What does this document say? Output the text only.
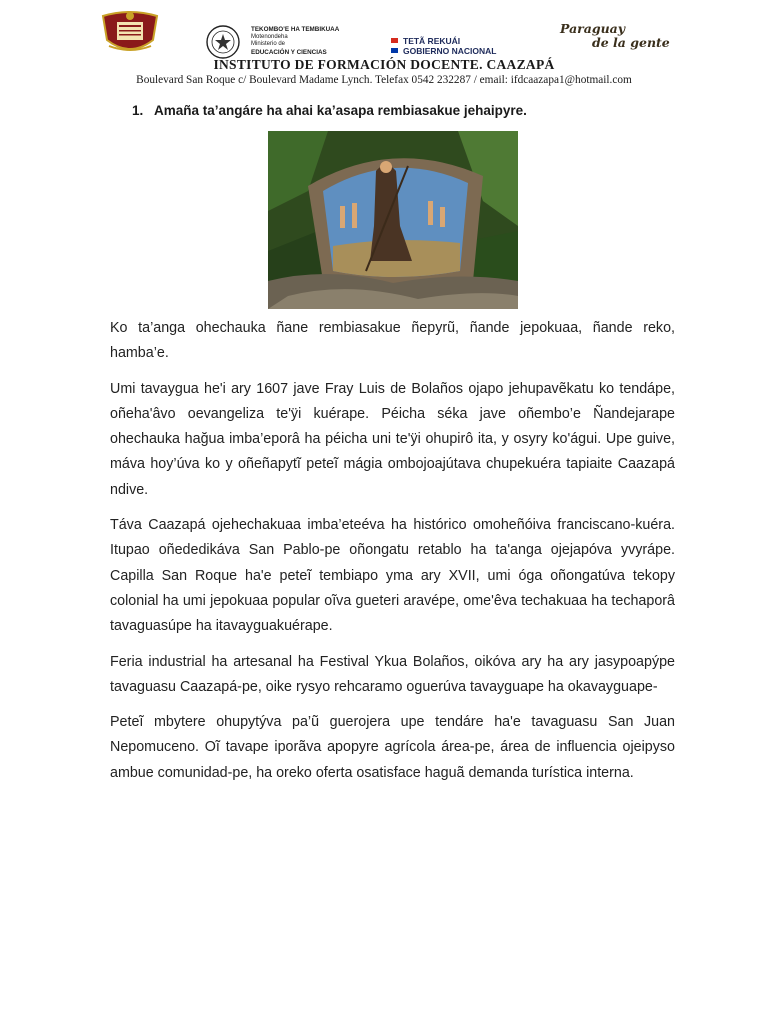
TEKOMBO’E HA TEMBIKUAA
Motenondeha
Ministerio de
EDUCACIÓN Y CIENCIAS
TETÃ REKUÁI
GOBIERNO NACIONAL
Paraguay
de la gente
INSTITUTO DE FORMACIÓN DOCENTE. CAAZAPÁ

Boulevard San Roque c/ Boulevard Madame Lynch. Telefax 0542 232287 / email: ifdcaazapa1@hotmail.com

1. Amaña ta’angáre ha ahai ka’asapa rembiasakue jehaipyre.

Ko ta’anga ohechauka ñane rembiasakue ñepyrũ, ñande jepokuaa, ñande reko, hamba’e.

Umi tavaygua he'i ary 1607 jave Fray Luis de Bolaños ojapo jehupavẽkatu ko tendápe, oñeha'âvo oevangeliza te'ÿi kuérape. Péicha séka jave oñembo’e Ñandejarape ohechauka hağua imba’eporâ ha péicha uni te'ÿi ohupirô ita, y osyry ko'águi. Upe guive, máva hoy’úva ko y oñeñapytĩ peteĩ mágia ombojoajútava chupekuéra tapiaite Caazapá ndive.

Táva Caazapá ojehechakuaa imba’eteéva ha histórico omoheñóiva franciscano-kuéra. Itupao oñededikáva San Pablo-pe oñongatu retablo ha ta'anga ojejapóva yvyrápe. Capilla San Roque ha'e peteĩ tembiapo yma ary XVII, umi óga oñongatúva tekopy colonial ha umi jepokuaa popular oĩva gueteri aravépe, ome'êva techakuaa ha techaporâ tavaguasúpe ha itavayguakuérape.

Feria industrial ha artesanal ha Festival Ykua Bolaños, oikóva ary ha ary jasypoapýpe tavaguasu Caazapá-pe, oike rysyo rehcaramo oguerúva tavayguape ha okavayguape-

Peteĩ mbytere ohupytýva pa’ũ guerojera upe tendáre ha'e tavaguasu San Juan Nepomuceno. Oĩ tavape iporãva apopyre agrícola área-pe, área de influencia ojeipyso ambue comunidad-pe, ha oreko oferta osatisface haguã demanda turística interna.
